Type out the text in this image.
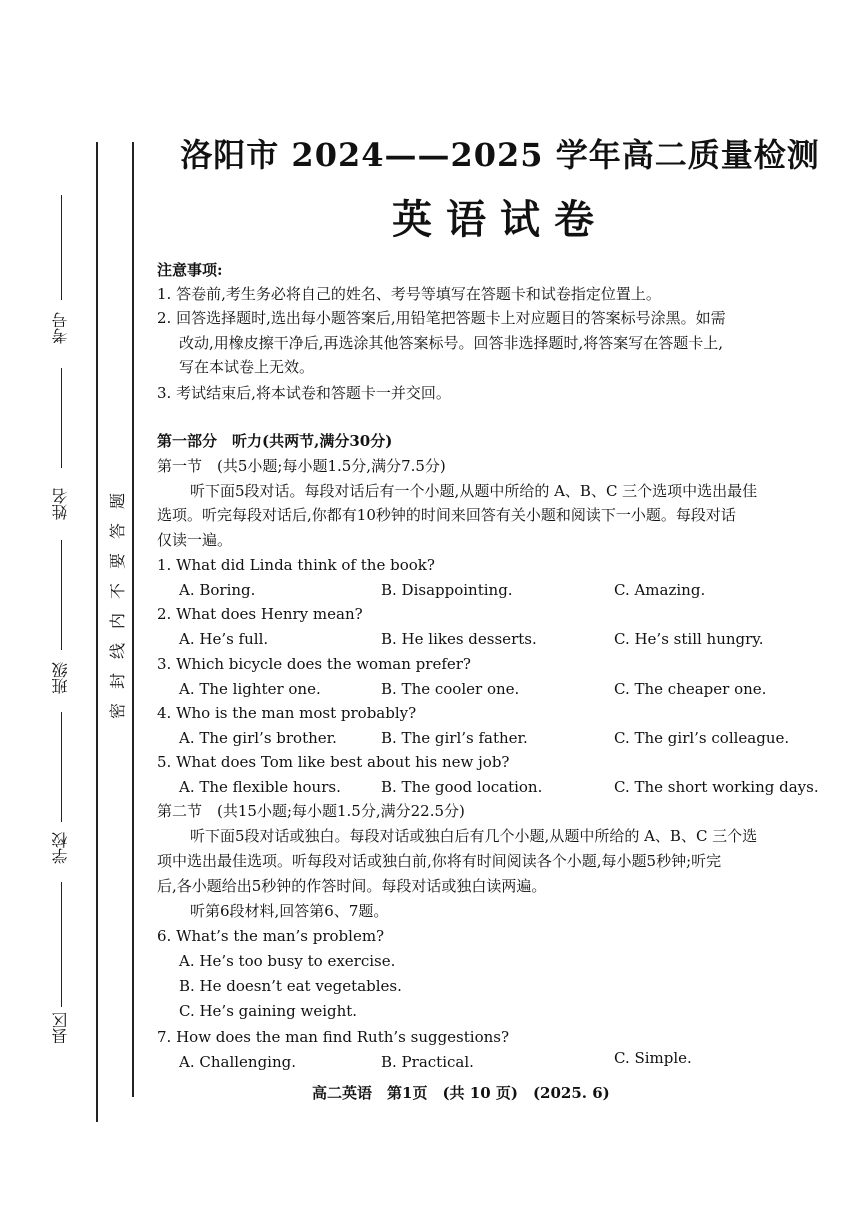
考号
姓名
班级
学校
县区
题
答
要
不
内
线
封
密
洛阳市 2024——2025 学年高二质量检测
英语试卷
注意事项:
1. 答卷前,考生务必将自己的姓名、考号等填写在答题卡和试卷指定位置上。
2. 回答选择题时,选出每小题答案后,用铅笔把答题卡上对应题目的答案标号涂黑。如需
改动,用橡皮擦干净后,再选涂其他答案标号。回答非选择题时,将答案写在答题卡上,
写在本试卷上无效。
3. 考试结束后,将本试卷和答题卡一并交回。
第一部分　听力(共两节,满分30分)
第一节　(共5小题;每小题1.5分,满分7.5分)
听下面5段对话。每段对话后有一个小题,从题中所给的 A、B、C 三个选项中选出最佳
选项。听完每段对话后,你都有10秒钟的时间来回答有关小题和阅读下一小题。每段对话
仅读一遍。
1. What did Linda think of the book?
A. Boring.	B. Disappointing.	C. Amazing.
2. What does Henry mean?
A. He’s full.	B. He likes desserts.	C. He’s still hungry.
3. Which bicycle does the woman prefer?
A. The lighter one.	B. The cooler one.	C. The cheaper one.
4. Who is the man most probably?
A. The girl’s brother.	B. The girl’s father.	C. The girl’s colleague.
5. What does Tom like best about his new job?
A. The flexible hours.	B. The good location.	C. The short working days.
第二节　(共15小题;每小题1.5分,满分22.5分)
听下面5段对话或独白。每段对话或独白后有几个小题,从题中所给的 A、B、C 三个选
项中选出最佳选项。听每段对话或独白前,你将有时间阅读各个小题,每小题5秒钟;听完
后,各小题给出5秒钟的作答时间。每段对话或独白读两遍。
听第6段材料,回答第6、7题。
6. What’s the man’s problem?
A. He’s too busy to exercise.
B. He doesn’t eat vegetables.
C. He’s gaining weight.
7. How does the man find Ruth’s suggestions?
A. Challenging.	B. Practical.	C. Simple.
高二英语　第1页　(共 10 页)　(2025. 6)
